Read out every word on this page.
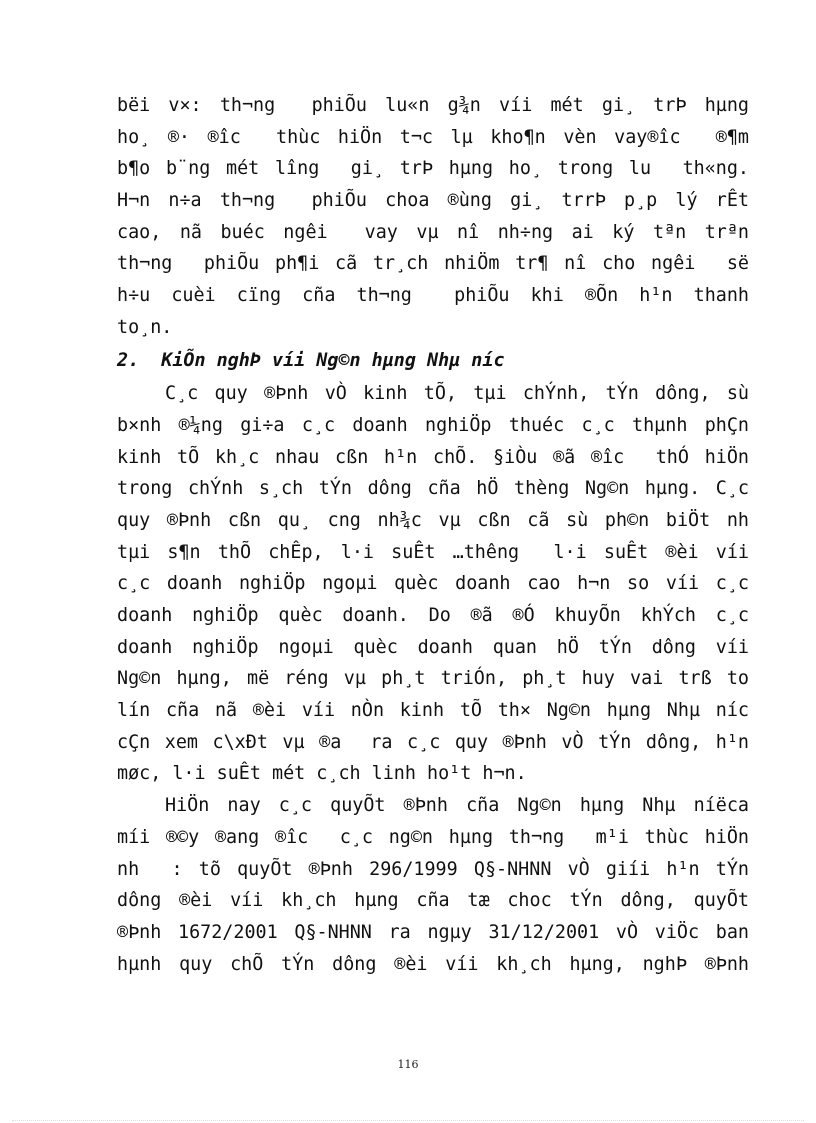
bëi v×: th¬ng  phiÕu lu«n g¾n víi mét gi¸ trÞ hµng
ho¸ ®· ®îc  thùc hiÖn t¬c lµ kho¶n vèn vay®îc  ®¶m
b¶o b¨ng mét lîng  gi¸ trÞ hµng ho¸ trong lu  th«ng.
H¬n n÷a th¬ng  phiÕu choa ®ùng gi¸ trrÞ p¸p lý rÊt
cao, nã buéc ngêi  vay vµ nî nh÷ng ai ký tªn trªn
th¬ng  phiÕu ph¶i cã tr¸ch nhiÖm tr¶ nî cho ngêi  së
h÷u cuèi cïng cña th¬ng  phiÕu khi ®Õn h¹n thanh
to¸n.
2.  KiÕn nghÞ víi Ng©n hµng Nhµ níc
C¸c quy ®Þnh vÒ kinh tÕ, tµi chÝnh, tÝn dông, sù
b×nh ®¼ng gi÷a c¸c doanh nghiÖp thuéc c¸c thµnh phÇn
kinh tÕ kh¸c nhau cßn h¹n chÕ. §iÒu ®ã ®îc  thÓ hiÖn
trong chÝnh s¸ch tÝn dông cña hÖ thèng Ng©n hµng. C¸c
quy ®Þnh cßn qu¸ cng nh¾c vµ cßn cã sù ph©n biÖt nh
tµi s¶n thÕ chÊp, l·i suÊt …thêng  l·i suÊt ®èi víi
c¸c doanh nghiÖp ngoµi quèc doanh cao h¬n so víi c¸c
doanh nghiÖp quèc doanh. Do ®ã ®Ó khuyÕn khÝch c¸c
doanh nghiÖp ngoµi quèc doanh quan hÖ tÝn dông víi
Ng©n hµng, më réng vµ ph¸t triÓn, ph¸t huy vai trß to
lín cña nã ®èi víi nÒn kinh tÕ th× Ng©n hµng Nhµ níc
cÇn xem c\xÐt vµ ®a  ra c¸c quy ®Þnh vÒ tÝn dông, h¹n
møc, l·i suÊt mét c¸ch linh ho¹t h¬n.
HiÖn nay c¸c quyÕt ®Þnh cña Ng©n hµng Nhµ níëca
míi ®©y ®ang ®îc  c¸c ng©n hµng th¬ng  m¹i thùc hiÖn
nh  : tõ quyÕt ®Þnh 296/1999 Q§-NHNN vÒ giíi h¹n tÝn
dông ®èi víi kh¸ch hµng cña tæ choc tÝn dông, quyÕt
®Þnh 1672/2001 Q§-NHNN ra ngµy 31/12/2001 vÒ viÖc ban
hµnh quy chÕ tÝn dông ®èi víi kh¸ch hµng, nghÞ ®Þnh
116
